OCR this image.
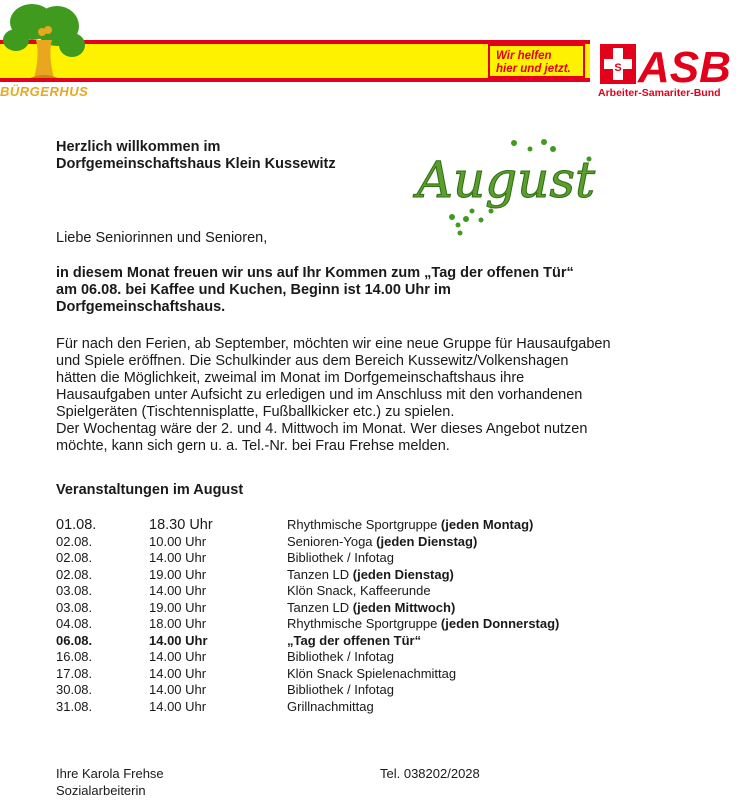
BÜRGERHUS
Wir helfen
hier und jetzt.	S ASB
Arbeiter-Samariter-Bund
Herzlich willkommen im
Dorfgemeinschaftshaus Klein Kussewitz August
Liebe Seniorinnen und Senioren,
in diesem Monat freuen wir uns auf Ihr Kommen zum „Tag der offenen Tür“
am 06.08. bei Kaffee und Kuchen, Beginn ist 14.00 Uhr im
Dorfgemeinschaftshaus.
Für nach den Ferien, ab September, möchten wir eine neue Gruppe für Hausaufgaben
und Spiele eröffnen. Die Schulkinder aus dem Bereich Kussewitz/Volkenshagen
hätten die Möglichkeit, zweimal im Monat im Dorfgemeinschaftshaus ihre
Hausaufgaben unter Aufsicht zu erledigen und im Anschluss mit den vorhandenen
Spielgeräten (Tischtennisplatte, Fußballkicker etc.) zu spielen.
Der Wochentag wäre der 2. und 4. Mittwoch im Monat. Wer dieses Angebot nutzen
möchte, kann sich gern u. a. Tel.-Nr. bei Frau Frehse melden.
Veranstaltungen im August
01.08.	18.30 Uhr	Rhythmische Sportgruppe (jeden Montag)
02.08.	10.00 Uhr	Senioren-Yoga (jeden Dienstag)
02.08.	14.00 Uhr	Bibliothek / Infotag
02.08.	19.00 Uhr	Tanzen LD (jeden Dienstag)
03.08.	14.00 Uhr	Klön Snack, Kaffeerunde
03.08.	19.00 Uhr	Tanzen LD (jeden Mittwoch)
04.08.	18.00 Uhr	Rhythmische Sportgruppe (jeden Donnerstag)
06.08.	14.00 Uhr	„Tag der offenen Tür“
16.08.	14.00 Uhr	Bibliothek / Infotag
17.08.	14.00 Uhr	Klön Snack Spielenachmittag
30.08.	14.00 Uhr	Bibliothek / Infotag
31.08.	14.00 Uhr	Grillnachmittag
Ihre Karola Frehse
Sozialarbeiterin
Tel. 038202/2028
